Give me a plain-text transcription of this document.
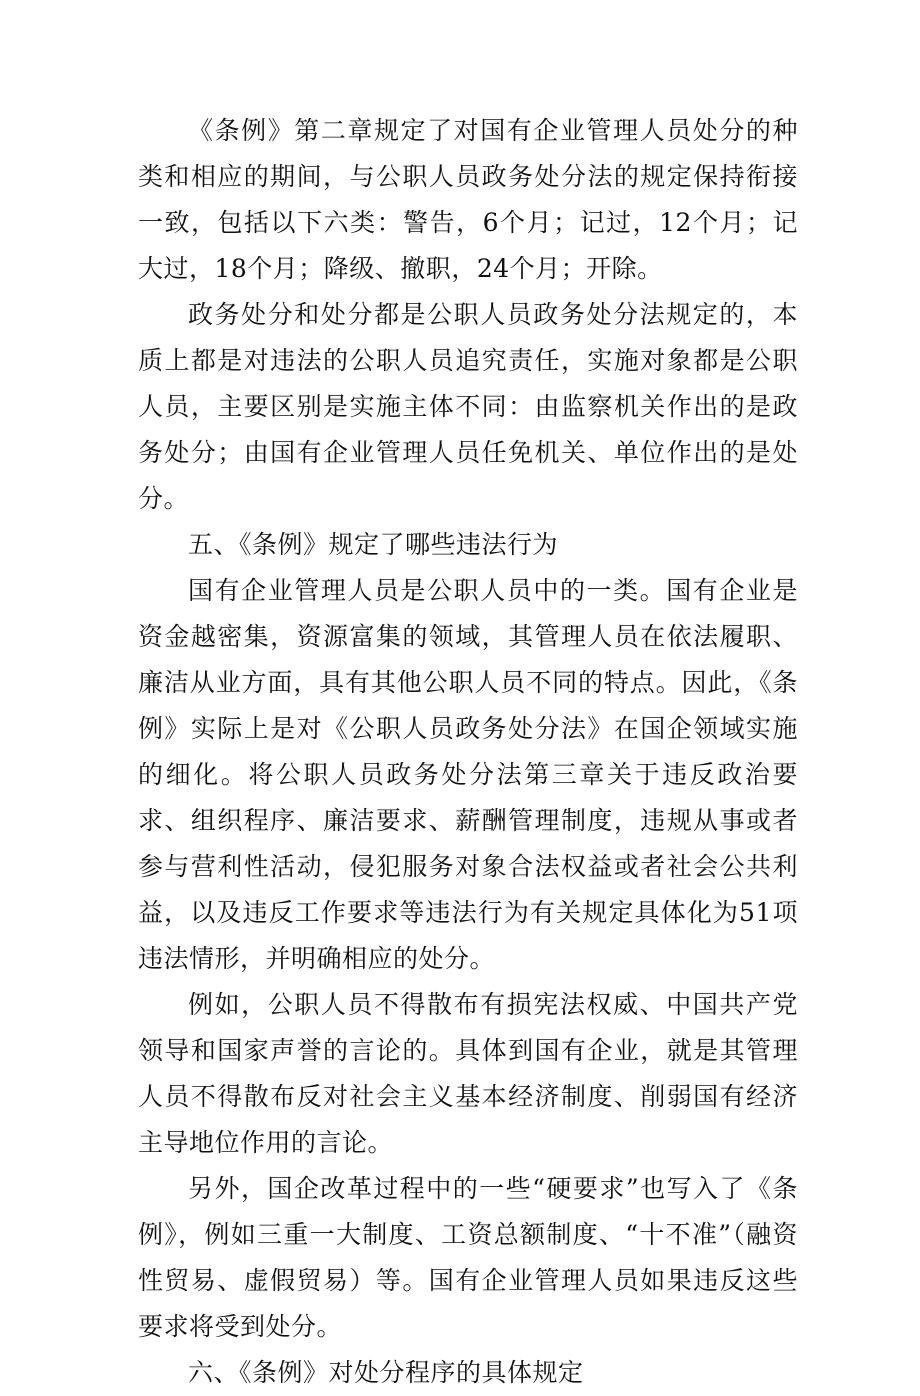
《条例》第二章规定了对国有企业管理人员处分的种类和相应的期间，与公职人员政务处分法的规定保持衔接一致，包括以下六类：警告，6个月；记过，12个月；记大过，18个月；降级、撤职，24个月；开除。

政务处分和处分都是公职人员政务处分法规定的，本质上都是对违法的公职人员追究责任，实施对象都是公职人员，主要区别是实施主体不同：由监察机关作出的是政务处分；由国有企业管理人员任免机关、单位作出的是处分。

五、《条例》规定了哪些违法行为

国有企业管理人员是公职人员中的一类。国有企业是资金越密集，资源富集的领域，其管理人员在依法履职、廉洁从业方面，具有其他公职人员不同的特点。因此，《条例》实际上是对《公职人员政务处分法》在国企领域实施的细化。将公职人员政务处分法第三章关于违反政治要求、组织程序、廉洁要求、薪酬管理制度，违规从事或者参与营利性活动，侵犯服务对象合法权益或者社会公共利益，以及违反工作要求等违法行为有关规定具体化为51项违法情形，并明确相应的处分。

例如，公职人员不得散布有损宪法权威、中国共产党领导和国家声誉的言论的。具体到国有企业，就是其管理人员不得散布反对社会主义基本经济制度、削弱国有经济主导地位作用的言论。

另外，国企改革过程中的一些“硬要求”也写入了《条例》，例如三重一大制度、工资总额制度、“十不准”（融资性贸易、虚假贸易）等。国有企业管理人员如果违反这些要求将受到处分。

六、《条例》对处分程序的具体规定
